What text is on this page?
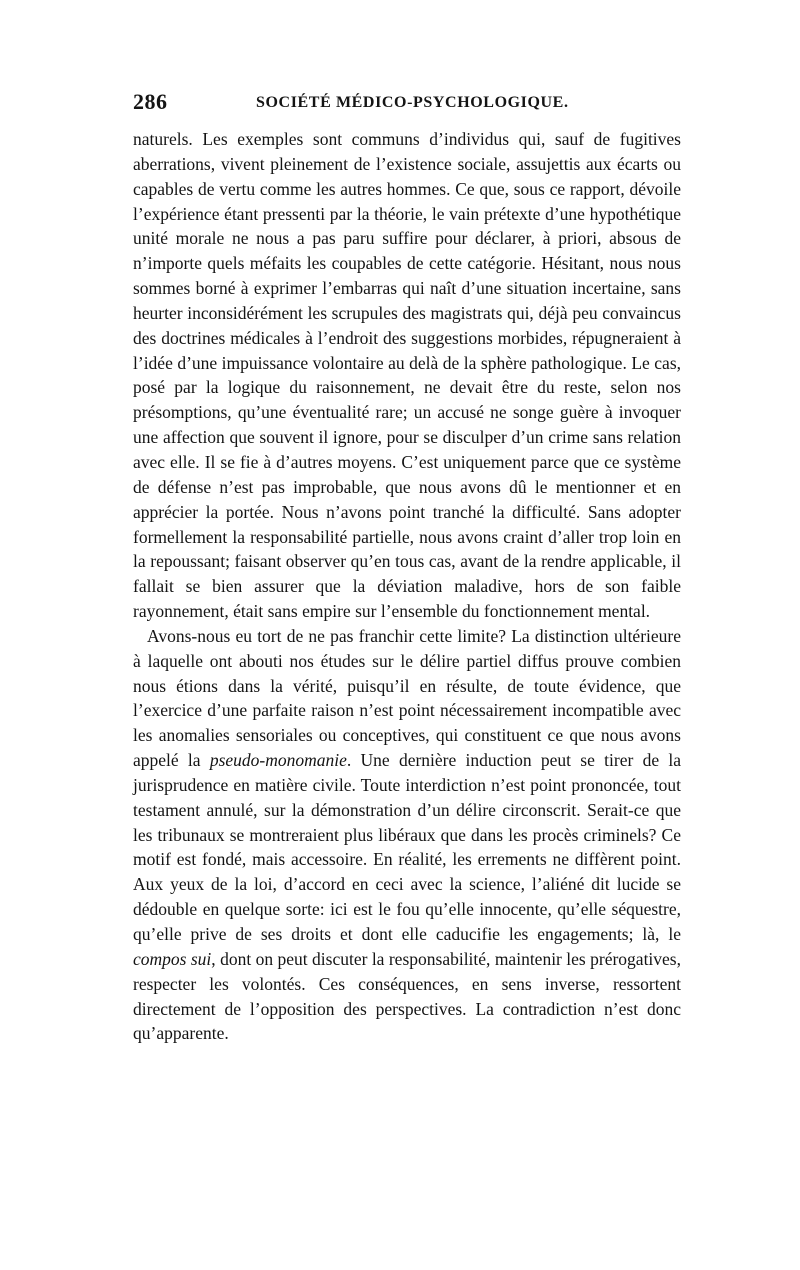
286	SOCIÉTÉ MÉDICO-PSYCHOLOGIQUE.

naturels. Les exemples sont communs d’individus qui, sauf de fugitives aberrations, vivent pleinement de l’existence sociale, assujettis aux écarts ou capables de vertu comme les autres hommes. Ce que, sous ce rapport, dévoile l’expérience étant pressenti par la théorie, le vain prétexte d’une hypothétique unité morale ne nous a pas paru suffire pour déclarer, à priori, absous de n’importe quels méfaits les coupables de cette catégorie. Hésitant, nous nous sommes borné à exprimer l’embarras qui naît d’une situation incertaine, sans heurter inconsidérément les scrupules des magistrats qui, déjà peu convaincus des doctrines médicales à l’endroit des suggestions morbides, répugneraient à l’idée d’une impuissance volontaire au delà de la sphère pathologique. Le cas, posé par la logique du raisonnement, ne devait être du reste, selon nos présomptions, qu’une éventualité rare; un accusé ne songe guère à invoquer une affection que souvent il ignore, pour se disculper d’un crime sans relation avec elle. Il se fie à d’autres moyens. C’est uniquement parce que ce système de défense n’est pas improbable, que nous avons dû le mentionner et en apprécier la portée. Nous n’avons point tranché la difficulté. Sans adopter formellement la responsabilité partielle, nous avons craint d’aller trop loin en la repoussant; faisant observer qu’en tous cas, avant de la rendre applicable, il fallait se bien assurer que la déviation maladive, hors de son faible rayonnement, était sans empire sur l’ensemble du fonctionnement mental.

Avons-nous eu tort de ne pas franchir cette limite? La distinction ultérieure à laquelle ont abouti nos études sur le délire partiel diffus prouve combien nous étions dans la vérité, puisqu’il en résulte, de toute évidence, que l’exercice d’une parfaite raison n’est point nécessairement incompatible avec les anomalies sensoriales ou conceptives, qui constituent ce que nous avons appelé la pseudo-monomanie. Une dernière induction peut se tirer de la jurisprudence en matière civile. Toute interdiction n’est point prononcée, tout testament annulé, sur la démonstration d’un délire circonscrit. Serait-ce que les tribunaux se montreraient plus libéraux que dans les procès criminels? Ce motif est fondé, mais accessoire. En réalité, les errements ne diffèrent point. Aux yeux de la loi, d’accord en ceci avec la science, l’aliéné dit lucide se dédouble en quelque sorte: ici est le fou qu’elle innocente, qu’elle séquestre, qu’elle prive de ses droits et dont elle caducifie les engagements; là, le compos sui, dont on peut discuter la responsabilité, maintenir les prérogatives, respecter les volontés. Ces conséquences, en sens inverse, ressortent directement de l’opposition des perspectives. La contradiction n’est donc qu’apparente.
